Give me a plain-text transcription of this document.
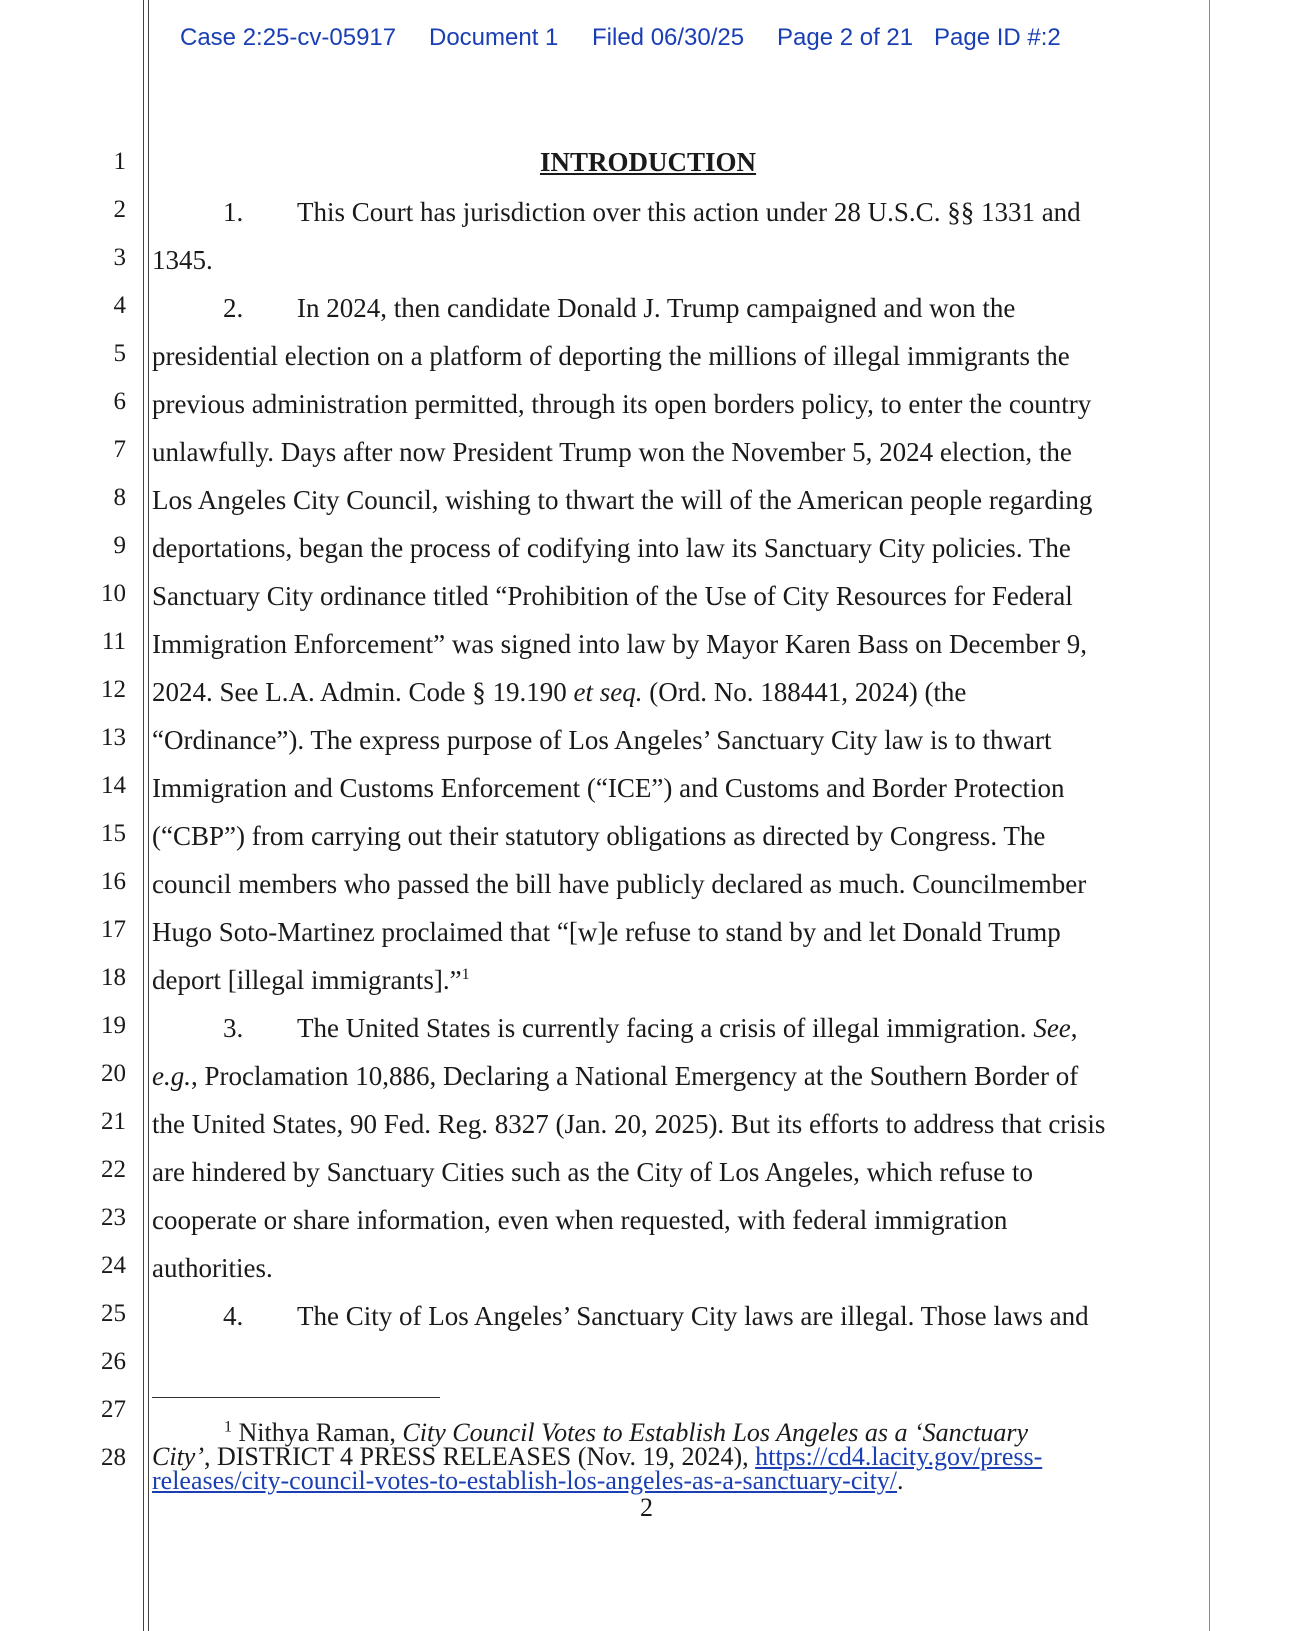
Case 2:25-cv-05917 Document 1 Filed 06/30/25 Page 2 of 21 Page ID #:2
1
2
3
4
5
6
7
8
9
10
11
12
13
14
15
16
17
18
19
20
21
22
23
24
25
26
27
28
INTRODUCTION
1. This Court has jurisdiction over this action under 28 U.S.C. §§ 1331 and
1345.
2. In 2024, then candidate Donald J. Trump campaigned and won the
presidential election on a platform of deporting the millions of illegal immigrants the
previous administration permitted, through its open borders policy, to enter the country
unlawfully. Days after now President Trump won the November 5, 2024 election, the
Los Angeles City Council, wishing to thwart the will of the American people regarding
deportations, began the process of codifying into law its Sanctuary City policies. The
Sanctuary City ordinance titled “Prohibition of the Use of City Resources for Federal
Immigration Enforcement” was signed into law by Mayor Karen Bass on December 9,
2024. See L.A. Admin. Code § 19.190 et seq. (Ord. No. 188441, 2024) (the
“Ordinance”). The express purpose of Los Angeles’ Sanctuary City law is to thwart
Immigration and Customs Enforcement (“ICE”) and Customs and Border Protection
(“CBP”) from carrying out their statutory obligations as directed by Congress. The
council members who passed the bill have publicly declared as much. Councilmember
Hugo Soto-Martinez proclaimed that “[w]e refuse to stand by and let Donald Trump
deport [illegal immigrants].”$^1$
3. The United States is currently facing a crisis of illegal immigration. See,
e.g., Proclamation 10,886, Declaring a National Emergency at the Southern Border of
the United States, 90 Fed. Reg. 8327 (Jan. 20, 2025). But its efforts to address that crisis
are hindered by Sanctuary Cities such as the City of Los Angeles, which refuse to
cooperate or share information, even when requested, with federal immigration
authorities.
4. The City of Los Angeles’ Sanctuary City laws are illegal. Those laws and
$^1$ Nithya Raman, City Council Votes to Establish Los Angeles as a ‘Sanctuary
City’, DISTRICT 4 PRESS RELEASES (Nov. 19, 2024), https://cd4.lacity.gov/press-
releases/city-council-votes-to-establish-los-angeles-as-a-sanctuary-city/.
2
